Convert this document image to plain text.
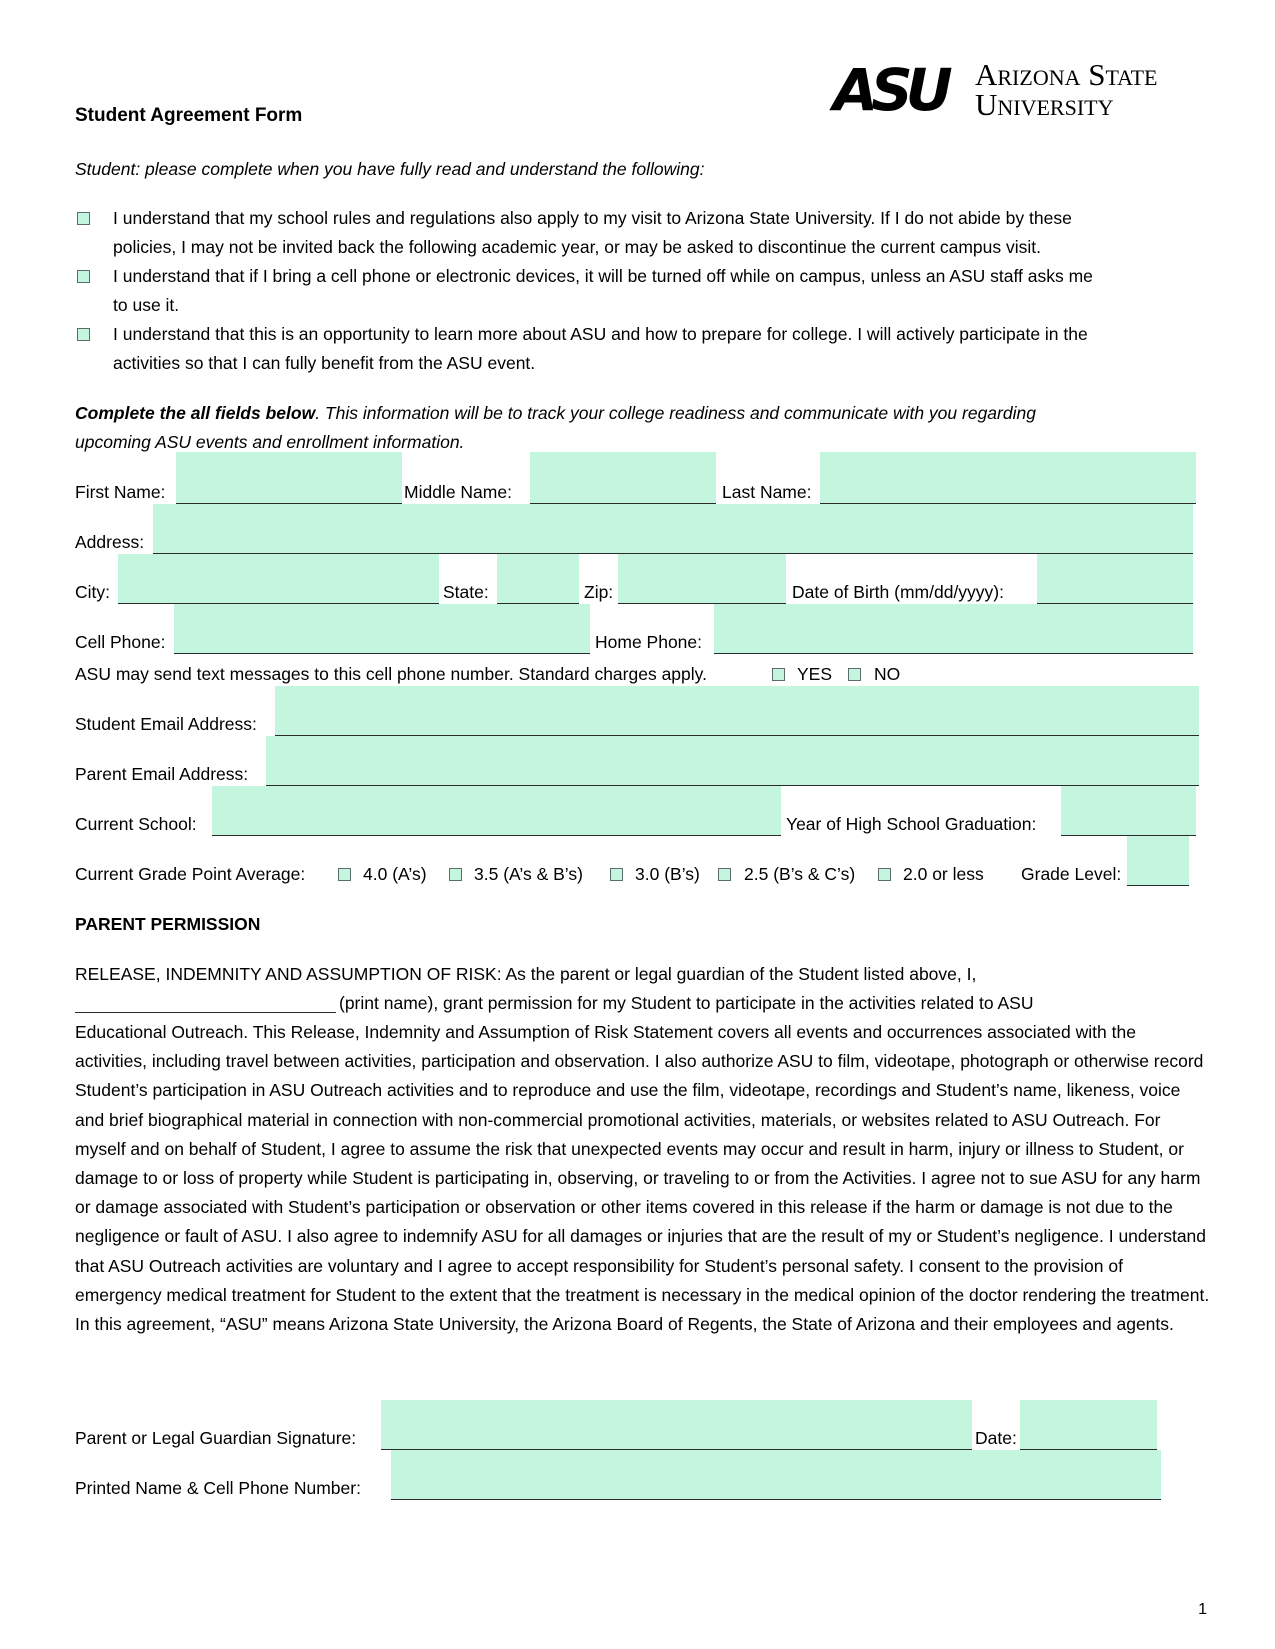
Student Agreement Form	ASU Arizona State
University
Student: please complete when you have fully read and understand the following:
I understand that my school rules and regulations also apply to my visit to Arizona State University. If I do not abide by these
policies, I may not be invited back the following academic year, or may be asked to discontinue the current campus visit.
I understand that if I bring a cell phone or electronic devices, it will be turned off while on campus, unless an ASU staff asks me
to use it.
I understand that this is an opportunity to learn more about ASU and how to prepare for college. I will actively participate in the
activities so that I can fully benefit from the ASU event.
Complete the all fields below. This information will be to track your college readiness and communicate with you regarding
upcoming ASU events and enrollment information.
First Name:	Middle Name:	Last Name:
Address:
City:	State:	Zip:	Date of Birth (mm/dd/yyyy):
Cell Phone:	Home Phone:
ASU may send text messages to this cell phone number. Standard charges apply.	YES NO
Student Email Address:
Parent Email Address:
Current School:	Year of High School Graduation:
Current Grade Point Average:	4.0 (A’s)	3.5 (A’s & B’s)	3.0 (B’s)	2.5 (B’s & C’s)	2.0 or less Grade Level:
PARENT PERMISSION
RELEASE, INDEMNITY AND ASSUMPTION OF RISK: As the parent or legal guardian of the Student listed above, I,
(print name), grant permission for my Student to participate in the activities related to ASU

Educational Outreach. This Release, Indemnity and Assumption of Risk Statement covers all events and occurrences associated with the activities, including travel between activities, participation and observation. I also authorize ASU to film, videotape, photograph or otherwise record Student’s participation in ASU Outreach activities and to reproduce and use the film, videotape, recordings and Student’s name, likeness, voice and brief biographical material in connection with non-commercial promotional activities, materials, or websites related to ASU Outreach. For myself and on behalf of Student, I agree to assume the risk that unexpected events may occur and result in harm, injury or illness to Student, or damage to or loss of property while Student is participating in, observing, or traveling to or from the Activities. I agree not to sue ASU for any harm or damage associated with Student’s participation or observation or other items covered in this release if the harm or damage is not due to the negligence or fault of ASU. I also agree to indemnify ASU for all damages or injuries that are the result of my or Student’s negligence. I understand that ASU Outreach activities are voluntary and I agree to accept responsibility for Student’s personal safety. I consent to the provision of emergency medical treatment for Student to the extent that the treatment is necessary in the medical opinion of the doctor rendering the treatment. In this agreement, “ASU” means Arizona State University, the Arizona Board of Regents, the State of Arizona and their employees and agents.

Parent or Legal Guardian Signature:	Date:
Printed Name & Cell Phone Number:
1
